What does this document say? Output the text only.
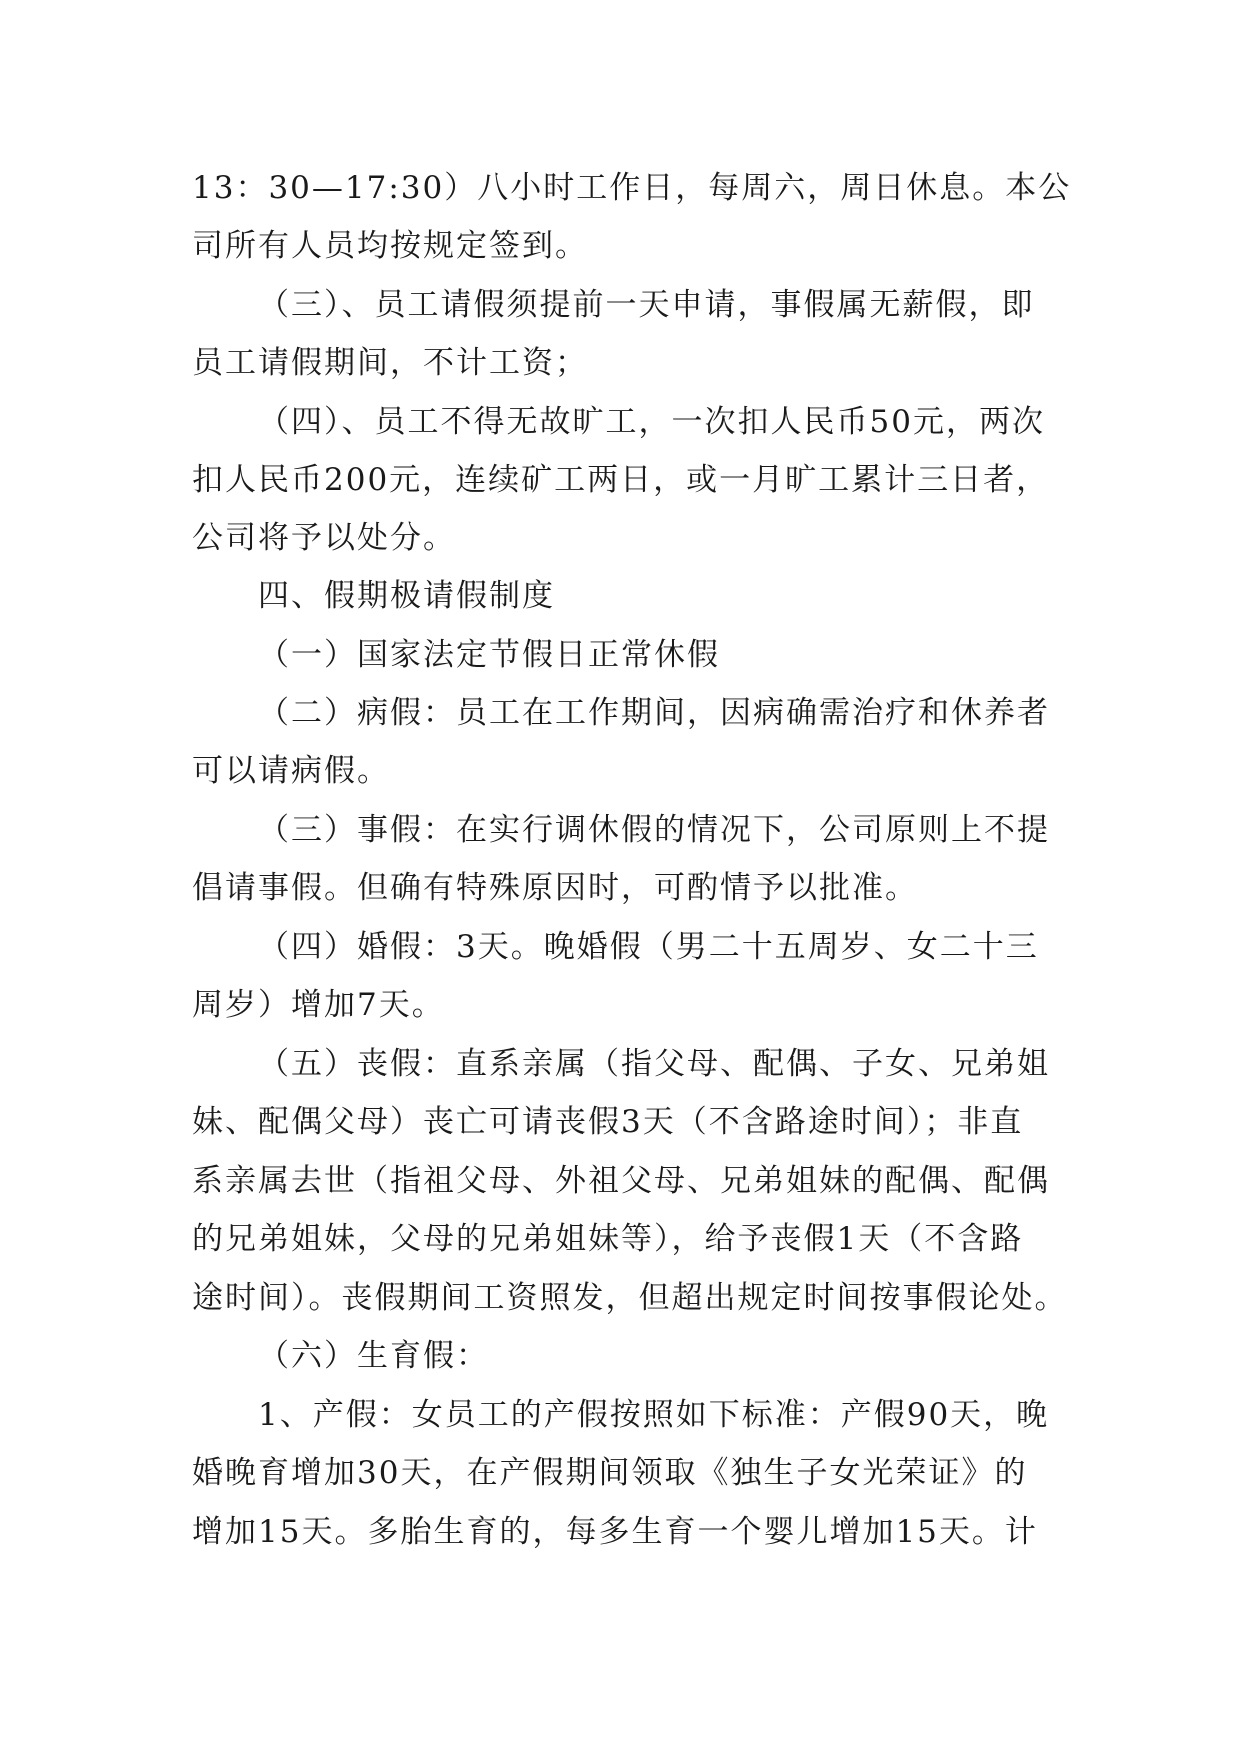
13：30—17:30）八小时工作日，每周六，周日休息。本公
司所有人员均按规定签到。
（三）、员工请假须提前一天申请，事假属无薪假，即
员工请假期间，不计工资；
（四）、员工不得无故旷工，一次扣人民币50元，两次
扣人民币200元，连续矿工两日，或一月旷工累计三日者，
公司将予以处分。
四、假期极请假制度
（一）国家法定节假日正常休假
（二）病假：员工在工作期间，因病确需治疗和休养者
可以请病假。
（三）事假：在实行调休假的情况下，公司原则上不提
倡请事假。但确有特殊原因时，可酌情予以批准。
（四）婚假：3天。晚婚假（男二十五周岁、女二十三
周岁）增加7天。
（五）丧假：直系亲属（指父母、配偶、子女、兄弟姐
妹、配偶父母）丧亡可请丧假3天（不含路途时间）；非直
系亲属去世（指祖父母、外祖父母、兄弟姐妹的配偶、配偶
的兄弟姐妹，父母的兄弟姐妹等），给予丧假1天（不含路
途时间）。丧假期间工资照发，但超出规定时间按事假论处。
（六）生育假：
1、产假：女员工的产假按照如下标准：产假90天，晚
婚晚育增加30天，在产假期间领取《独生子女光荣证》的
增加15天。多胎生育的，每多生育一个婴儿增加15天。计
